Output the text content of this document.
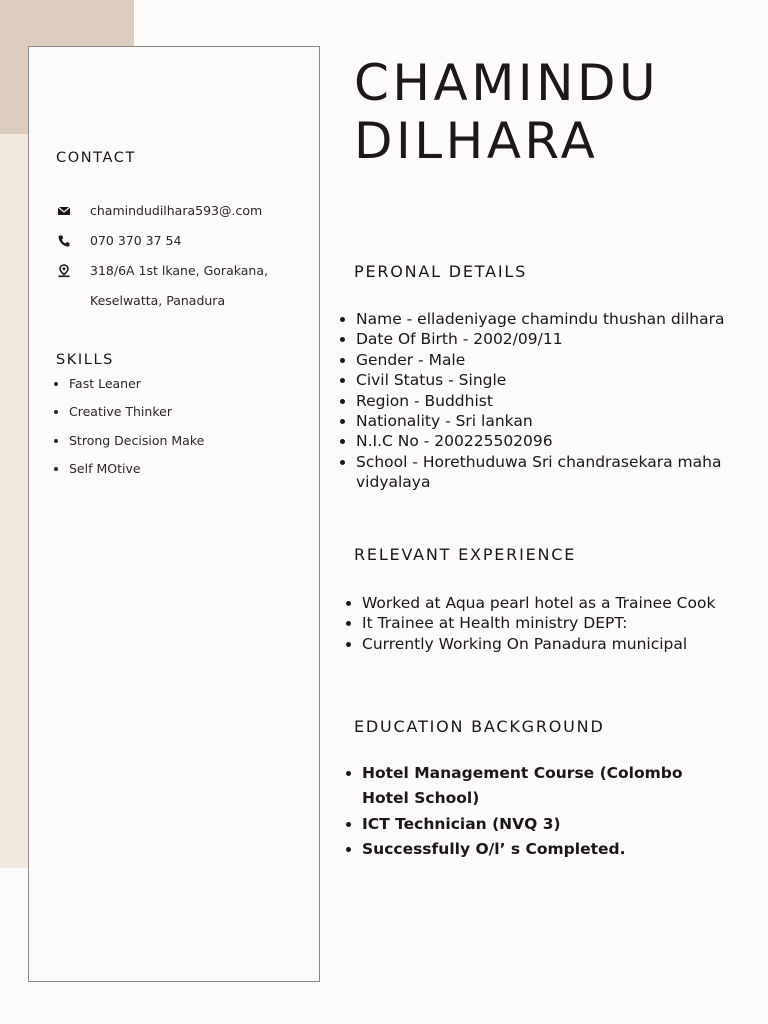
CONTACT
chamindudilhara593@.com
070 370 37 54
318/6A 1st lkane, Gorakana,
Keselwatta, Panadura
SKILLS
• Fast Leaner
• Creative Thinker
• Strong Decision Make
• Self MOtive
CHAMINDU
DILHARA
PERONAL DETAILS
• Name - elladeniyage chamindu thushan dilhara
• Date Of Birth - 2002/09/11
• Gender - Male
• Civil Status - Single
• Region - Buddhist
• Nationality - Sri lankan
• N.I.C No - 200225502096
• School - Horethuduwa Sri chandrasekara maha vidyalaya
RELEVANT EXPERIENCE
• Worked at Aqua pearl hotel as a Trainee Cook
• It Trainee at Health ministry DEPT:
• Currently Working On Panadura municipal
EDUCATION BACKGROUND
• Hotel Management Course (Colombo Hotel School)
• ICT Technician (NVQ 3)
• Successfully O/l’ s Completed.
